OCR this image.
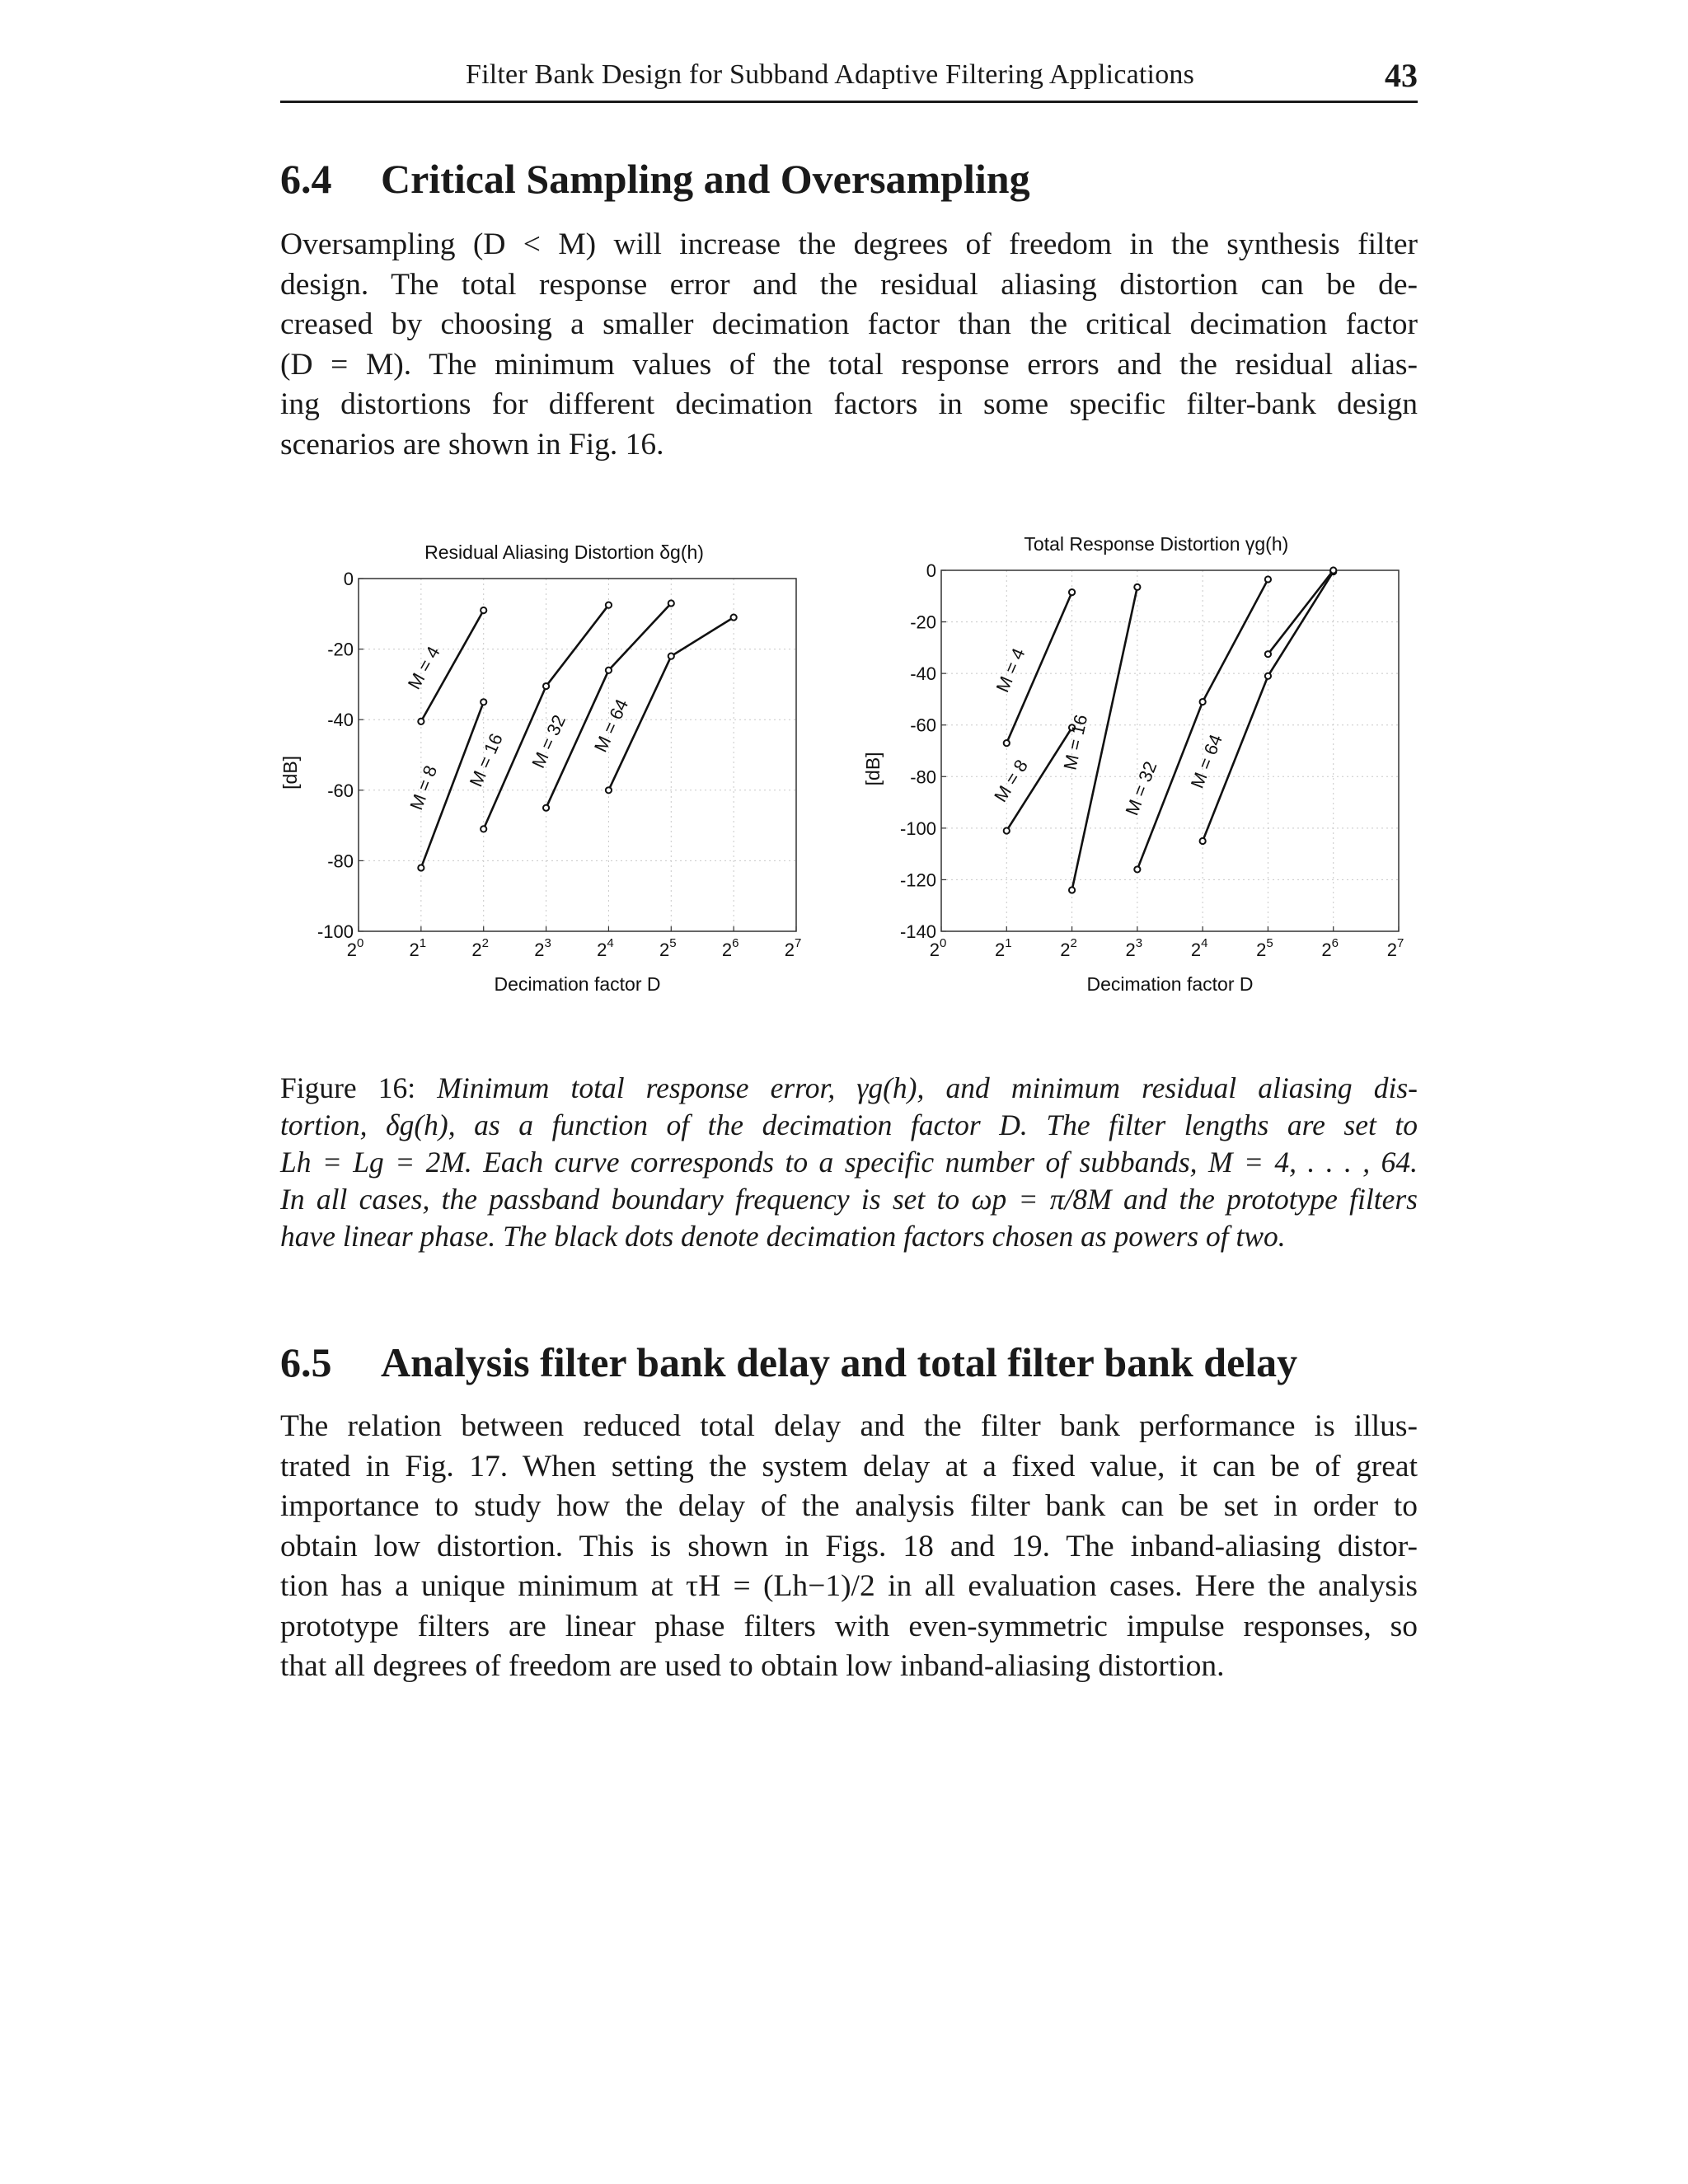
Filter Bank Design for Subband Adaptive Filtering Applications	43
6.4 Critical Sampling and Oversampling
Oversampling (D < M) will increase the degrees of freedom in the synthesis filter
design. The total response error and the residual aliasing distortion can be de-
creased by choosing a smaller decimation factor than the critical decimation factor
(D = M). The minimum values of the total response errors and the residual alias-
ing distortions for different decimation factors in some specific filter-bank design
scenarios are shown in Fig. 16.
0
-20
-40
-60
-80
-100
$2^0$	$2^1$	$2^2$	$2^3$	$2^4$	$2^5$	$2^6$	$2^7$
Residual Aliasing Distortion δg(h)
Decimation factor D
[dB]
M = 4
M = 8 M = 16 M = 32 M = 64
0
-20
-40
-60
-80
-100
-120
-140
$2^0$	$2^1$	$2^2$	$2^3$	$2^4$	$2^5$	$2^6$	$2^7$
Total Response Distortion γg(h)
Decimation factor D
[dB]
M = 4
M = 8
M = 16
M = 32 M = 64
Figure 16: Minimum total response error, γg(h), and minimum residual aliasing dis-
tortion, δg(h), as a function of the decimation factor D. The filter lengths are set to
Lh = Lg = 2M. Each curve corresponds to a specific number of subbands, M = 4, . . . , 64.
In all cases, the passband boundary frequency is set to ωp = π/8M and the prototype filters
have linear phase. The black dots denote decimation factors chosen as powers of two.
6.5 Analysis filter bank delay and total filter bank delay
The relation between reduced total delay and the filter bank performance is illus-
trated in Fig. 17. When setting the system delay at a fixed value, it can be of great
importance to study how the delay of the analysis filter bank can be set in order to
obtain low distortion. This is shown in Figs. 18 and 19. The inband-aliasing distor-
tion has a unique minimum at τH = (Lh−1)/2 in all evaluation cases. Here the analysis
prototype filters are linear phase filters with even-symmetric impulse responses, so
that all degrees of freedom are used to obtain low inband-aliasing distortion.
